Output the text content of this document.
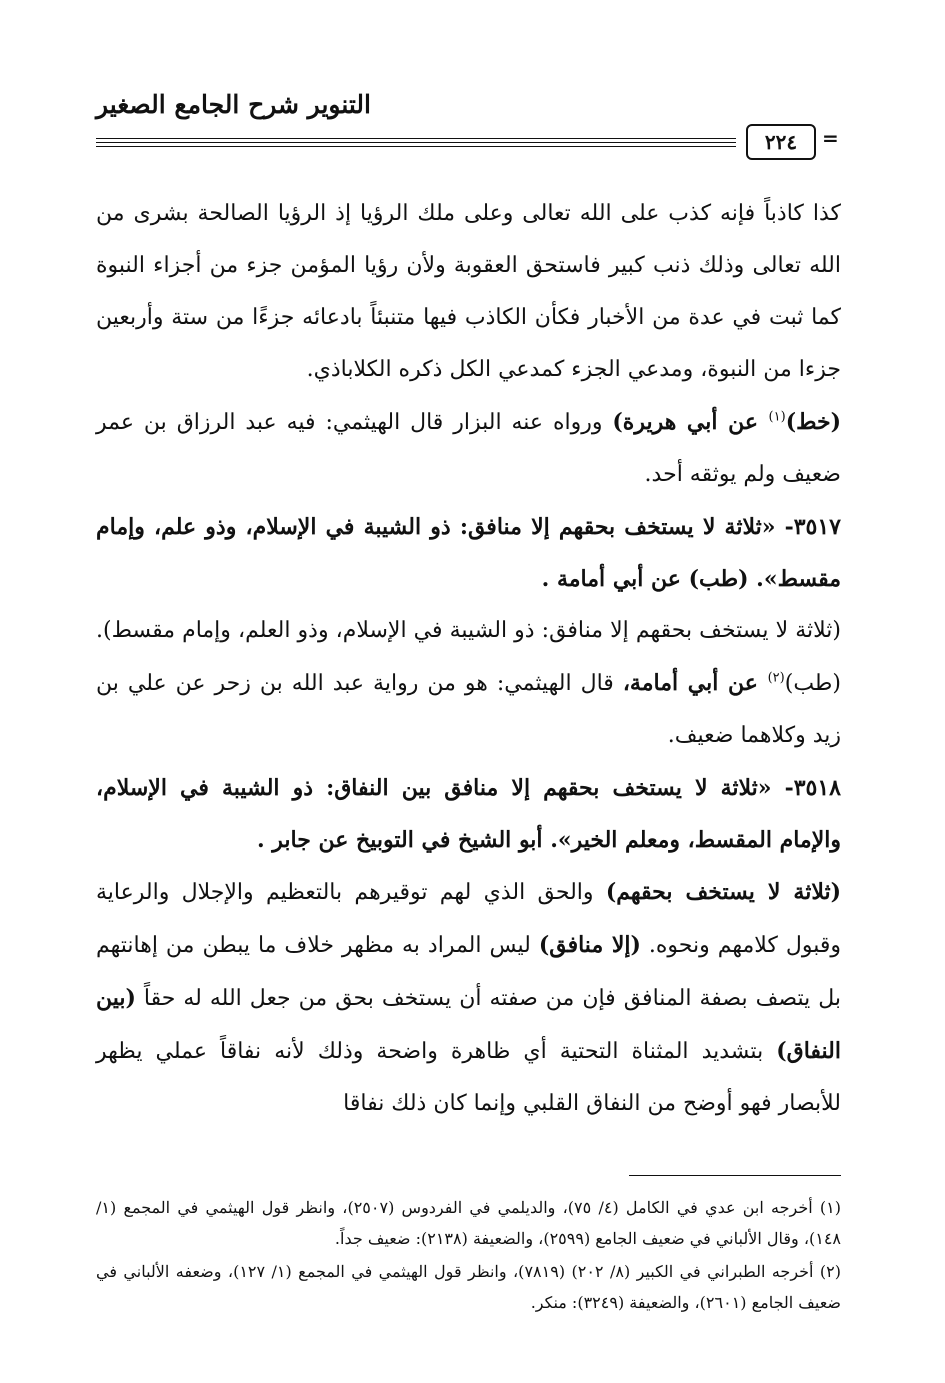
التنوير شرح الجامع الصغير
٢٢٤ =

كذا كاذباً فإنه كذب على الله تعالى وعلى ملك الرؤيا إذ الرؤيا الصالحة بشرى من الله تعالى وذلك ذنب كبير فاستحق العقوبة ولأن رؤيا المؤمن جزء من أجزاء النبوة كما ثبت في عدة من الأخبار فكأن الكاذب فيها متنبئاً بادعائه جزءًا من ستة وأربعين جزءا من النبوة، ومدعي الجزء كمدعي الكل ذكره الكلاباذي.

(خط)$^{(١)}$ عن أبي هريرة) ورواه عنه البزار قال الهيثمي: فيه عبد الرزاق بن عمر ضعيف ولم يوثقه أحد.

٣٥١٧- «ثلاثة لا يستخف بحقهم إلا منافق: ذو الشيبة في الإسلام، وذو علم، وإمام مقسط». (طب) عن أبي أمامة .

(ثلاثة لا يستخف بحقهم إلا منافق: ذو الشيبة في الإسلام، وذو العلم، وإمام مقسط). (طب)$^{(٢)}$ عن أبي أمامة، قال الهيثمي: هو من رواية عبد الله بن زحر عن علي بن زيد وكلاهما ضعيف.

٣٥١٨- «ثلاثة لا يستخف بحقهم إلا منافق بين النفاق: ذو الشيبة في الإسلام، والإمام المقسط، ومعلم الخير». أبو الشيخ في التوبيخ عن جابر .

(ثلاثة لا يستخف بحقهم) والحق الذي لهم توقيرهم بالتعظيم والإجلال والرعاية وقبول كلامهم ونحوه. (إلا منافق) ليس المراد به مظهر خلاف ما يبطن من إهانتهم بل يتصف بصفة المنافق فإن من صفته أن يستخف بحق من جعل الله له حقاً (بين النفاق) بتشديد المثناة التحتية أي ظاهرة واضحة وذلك لأنه نفاقاً عملي يظهر للأبصار فهو أوضح من النفاق القلبي وإنما كان ذلك نفاقا

(١) أخرجه ابن عدي في الكامل (٤/ ٧٥)، والديلمي في الفردوس (٢٥٠٧)، وانظر قول الهيثمي في المجمع (١/ ١٤٨)، وقال الألباني في ضعيف الجامع (٢٥٩٩)، والضعيفة (٢١٣٨): ضعيف جداً.

(٢) أخرجه الطبراني في الكبير (٨/ ٢٠٢) (٧٨١٩)، وانظر قول الهيثمي في المجمع (١/ ١٢٧)، وضعفه الألباني في ضعيف الجامع (٢٦٠١)، والضعيفة (٣٢٤٩): منكر.
